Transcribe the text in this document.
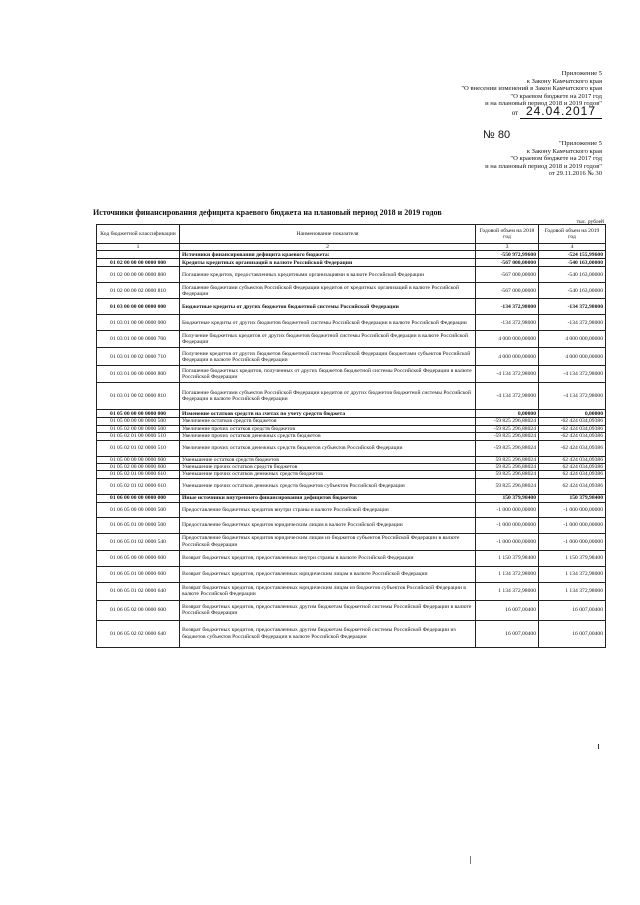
Приложение 5
к Закону Камчатского края
"О внесении изменений в Закон Камчатского края
"О краевом бюджете на 2017 год
и на плановый период 2018 и 2019 годов"
от 24.04.2017
№ 80
"Приложение 5
к Закону Камчатского края
"О краевом бюджете на 2017 год
и на плановый период 2018 и 2019 годов"
от 29.11.2016 № 30
Источники финансирования дефицита краевого бюджета на плановый период 2018 и 2019 годов
тыс. рублей
Код бюджетной классификации	Наименование показателя	Годовой объем на 2018 год	Годовой объем на 2019 год
1	2	3	4
	Источники финансирования дефицита краевого бюджета:	-550 972,99600	-524 155,99600
01 02 00 00 00 0000 000	Кредиты кредитных организаций в валюте Российской Федерации	-567 000,00000	-540 163,00000
01 02 00 00 00 0000 800	Погашение кредитов, предоставленных кредитными организациями в валюте Российской Федерации	-567 000,00000	-540 163,00000
01 02 00 00 02 0000 810	Погашение бюджетами субъектов Российской Федерации кредитов от кредитных организаций в валюте Российской Федерации	-567 000,00000	-540 163,00000
01 03 00 00 00 0000 000	Бюджетные кредиты от других бюджетов бюджетной системы Российской Федерации	-134 372,98000	-134 372,98000
01 03 01 00 00 0000 000	Бюджетные кредиты от других бюджетов бюджетной системы Российской Федерации в валюте Российской Федерации	-134 372,98000	-134 372,98000
01 03 01 00 00 0000 700	Получение бюджетных кредитов от других бюджетов бюджетной системы Российской Федерации в валюте Российской Федерации	4 000 000,00000	4 000 000,00000
01 03 01 00 02 0000 710	Получение кредитов от других бюджетов бюджетной системы Российской Федерации бюджетами субъектов Российской Федерации в валюте Российской Федерации	4 000 000,00000	4 000 000,00000
01 03 01 00 00 0000 800	Погашение бюджетных кредитов, полученных от других бюджетов бюджетной системы Российской Федерации в валюте Российской Федерации	-4 134 372,98000	-4 134 372,98000
01 03 01 00 02 0000 810	Погашение бюджетами субъектов Российской Федерации кредитов от других бюджетов бюджетной системы Российской Федерации в валюте Российской Федерации	-4 134 372,98000	-4 134 372,98000
01 05 00 00 00 0000 000	Изменение остатков средств на счетах по учету средств бюджета	0,00000	0,00000
01 05 00 00 00 0000 500	Увеличение остатков средств бюджетов	-59 825 296,88024	-62 424 034,09386
01 05 02 00 00 0000 500	Увеличение прочих остатков средств бюджетов	-59 825 296,88024	-62 424 034,09386
01 05 02 01 00 0000 510	Увеличение прочих остатков денежных средств бюджетов	-59 825 296,88024	-62 424 034,09386
01 05 02 01 02 0000 510	Увеличение прочих остатков денежных средств бюджетов субъектов Российской Федерации	-59 825 296,88024	-62 424 034,09386
01 05 00 00 00 0000 600	Уменьшение остатков средств бюджетов	59 825 296,88024	62 424 034,09386
01 05 02 00 00 0000 600	Уменьшение прочих остатков средств бюджетов	59 825 296,88024	62 424 034,09386
01 05 02 01 00 0000 610	Уменьшение прочих остатков денежных средств бюджетов	59 825 296,88024	62 424 034,09386
01 05 02 01 02 0000 610	Уменьшение прочих остатков денежных средств бюджетов субъектов Российской Федерации	59 825 296,88024	62 424 034,09386
01 06 00 00 00 0000 000	Иные источники внутреннего финансирования дефицитов бюджетов	150 379,98400	150 379,98400
01 06 05 00 00 0000 500	Предоставление бюджетных кредитов внутри страны в валюте Российской Федерации	-1 000 000,00000	-1 000 000,00000
01 06 05 01 00 0000 500	Предоставление бюджетных кредитов юридическим лицам в валюте Российской Федерации	-1 000 000,00000	-1 000 000,00000
01 06 05 01 02 0000 540	Предоставление бюджетных кредитов юридическим лицам из бюджетов субъектов Российской Федерации в валюте Российской Федерации	-1 000 000,00000	-1 000 000,00000
01 06 05 00 00 0000 600	Возврат бюджетных кредитов, предоставленных внутри страны в валюте Российской Федерации	1 150 379,98400	1 150 379,98400
01 06 05 01 00 0000 600	Возврат бюджетных кредитов, предоставленных юридическим лицам в валюте Российской Федерации	1 134 372,98000	1 134 372,98000
01 06 05 01 02 0000 640	Возврат бюджетных кредитов, предоставленных юридическим лицам из бюджетов субъектов Российской Федерации в валюте Российской Федерации	1 134 372,98000	1 134 372,98000
01 06 05 02 00 0000 600	Возврат бюджетных кредитов, предоставленных другим бюджетам бюджетной системы Российской Федерации в валюте Российской Федерации	16 007,00400	16 007,00400
01 06 05 02 02 0000 640	Возврат бюджетных кредитов, предоставленных другим бюджетам бюджетной системы Российской Федерации из бюджетов субъектов Российской Федерации в валюте Российской Федерации	16 007,00400	16 007,00400
